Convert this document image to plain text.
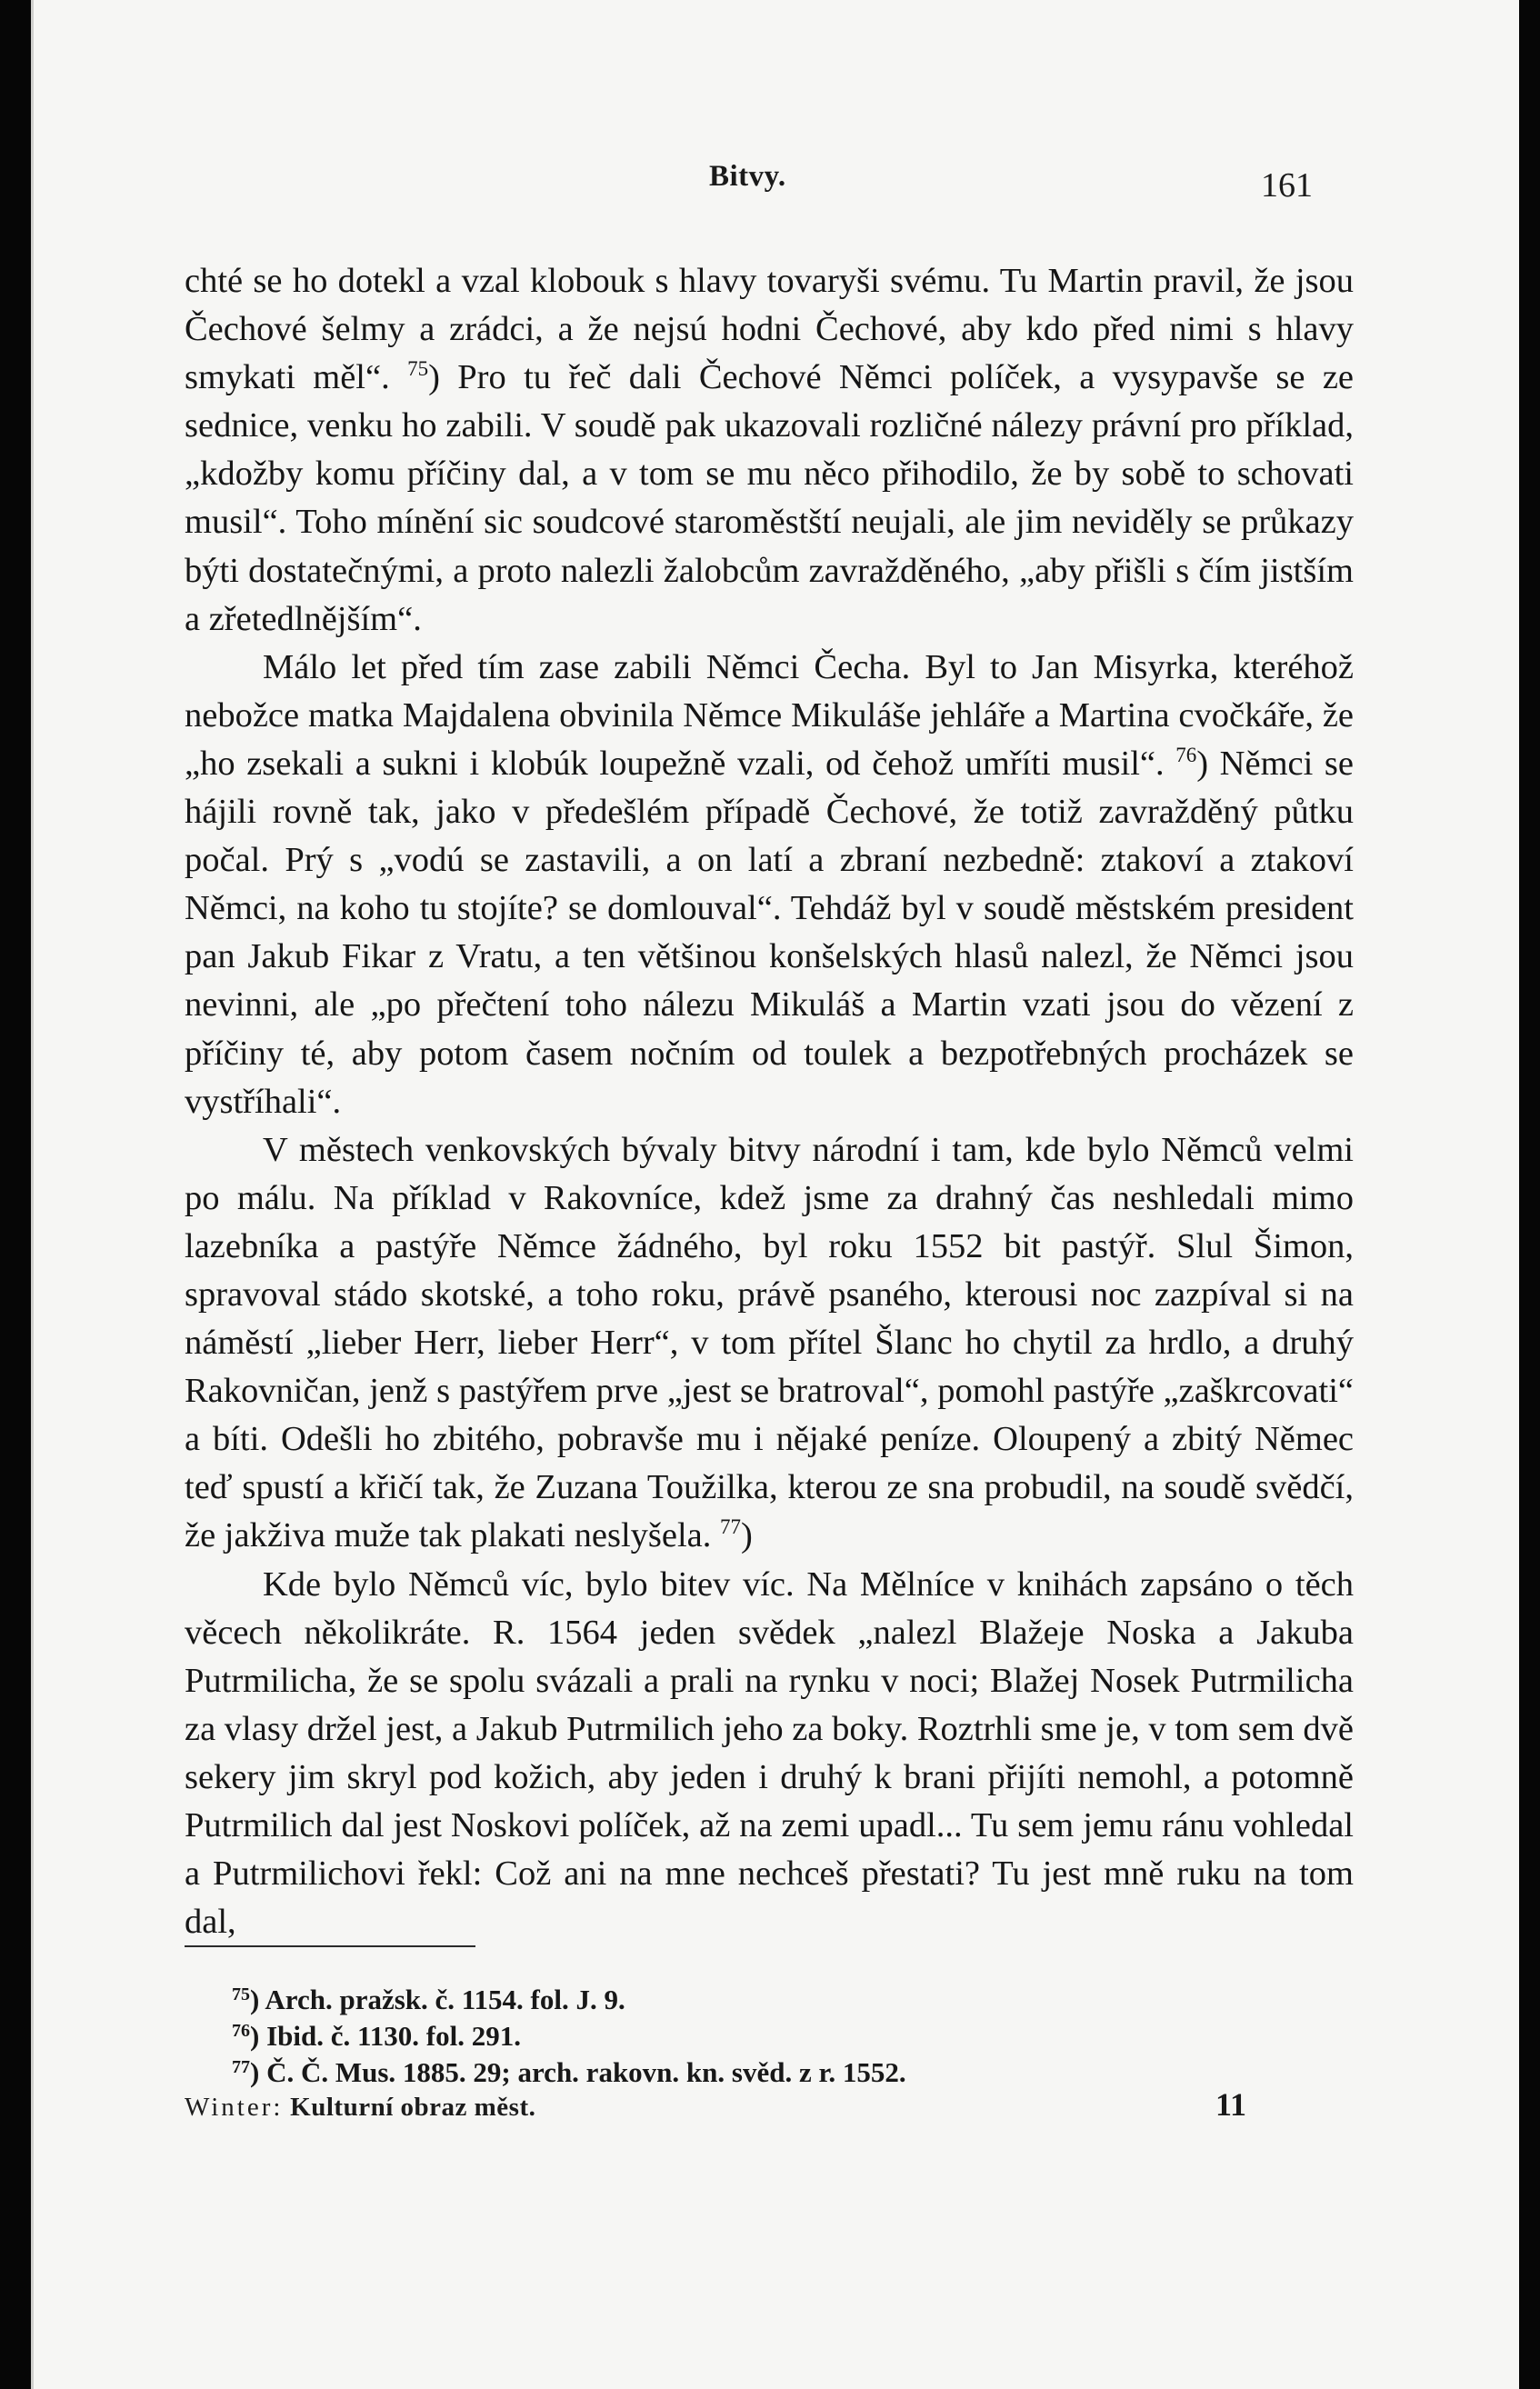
Bitvy.	161

chté se ho dotekl a vzal klobouk s hlavy tovaryši svému. Tu Martin pravil, že jsou Čechové šelmy a zrádci, a že nejsú hodni Čechové, aby kdo před nimi s hlavy smykati měl“. $^{75}$) Pro tu řeč dali Čechové Němci políček, a vysypavše se ze sednice, venku ho zabili. V soudě pak ukazovali rozličné nálezy právní pro příklad, „kdožby komu příčiny dal, a v tom se mu něco přihodilo, že by sobě to schovati musil“. Toho mínění sic soudcové staroměstští neujali, ale jim neviděly se průkazy býti dostatečnými, a proto nalezli žalobcům zavražděného, „aby přišli s čím jistším a zřetedlnějším“.

Málo let před tím zase zabili Němci Čecha. Byl to Jan Misyrka, kteréhož nebožce matka Majdalena obvinila Němce Mikuláše jehláře a Martina cvočkáře, že „ho zsekali a sukni i klobúk loupežně vzali, od čehož umříti musil“. $^{76}$) Němci se hájili rovně tak, jako v předešlém případě Čechové, že totiž zavražděný půtku počal. Prý s „vodú se zastavili, a on latí a zbraní nezbedně: ztakoví a ztakoví Němci, na koho tu stojíte? se domlouval“. Tehdáž byl v soudě městském president pan Jakub Fikar z Vratu, a ten většinou konšelských hlasů nalezl, že Němci jsou nevinni, ale „po přečtení toho nálezu Mikuláš a Martin vzati jsou do vězení z příčiny té, aby potom časem nočním od toulek a bezpotřebných procházek se vystříhali“.

V městech venkovských bývaly bitvy národní i tam, kde bylo Němců velmi po málu. Na příklad v Rakovníce, kdež jsme za drahný čas neshledali mimo lazebníka a pastýře Němce žádného, byl roku 1552 bit pastýř. Slul Šimon, spravoval stádo skotské, a toho roku, právě psaného, kterousi noc zazpíval si na náměstí „lieber Herr, lieber Herr“, v tom přítel Šlanc ho chytil za hrdlo, a druhý Rakovničan, jenž s pastýřem prve „jest se bratroval“, pomohl pastýře „zaškrcovati“ a bíti. Odešli ho zbitého, pobravše mu i nějaké peníze. Oloupený a zbitý Němec teď spustí a křičí tak, že Zuzana Toužilka, kterou ze sna probudil, na soudě svědčí, že jakživa muže tak plakati neslyšela. $^{77}$)

Kde bylo Němců víc, bylo bitev víc. Na Mělníce v knihách zapsáno o těch věcech několikráte. R. 1564 jeden svědek „nalezl Blažeje Noska a Jakuba Putrmilicha, že se spolu svázali a prali na rynku v noci; Blažej Nosek Putrmilicha za vlasy držel jest, a Jakub Putrmilich jeho za boky. Roztrhli sme je, v tom sem dvě sekery jim skryl pod kožich, aby jeden i druhý k brani přijíti nemohl, a potomně Putrmilich dal jest Noskovi políček, až na zemi upadl... Tu sem jemu ránu vohledal a Putrmilichovi řekl: Což ani na mne nechceš přestati? Tu jest mně ruku na tom dal,

$^{75}$) Arch. pražsk. č. 1154. fol. J. 9.
$^{76}$) Ibid. č. 1130. fol. 291.
$^{77}$) Č. Č. Mus. 1885. 29; arch. rakovn. kn. svěd. z r. 1552.
Winter: Kulturní obraz měst.	11
